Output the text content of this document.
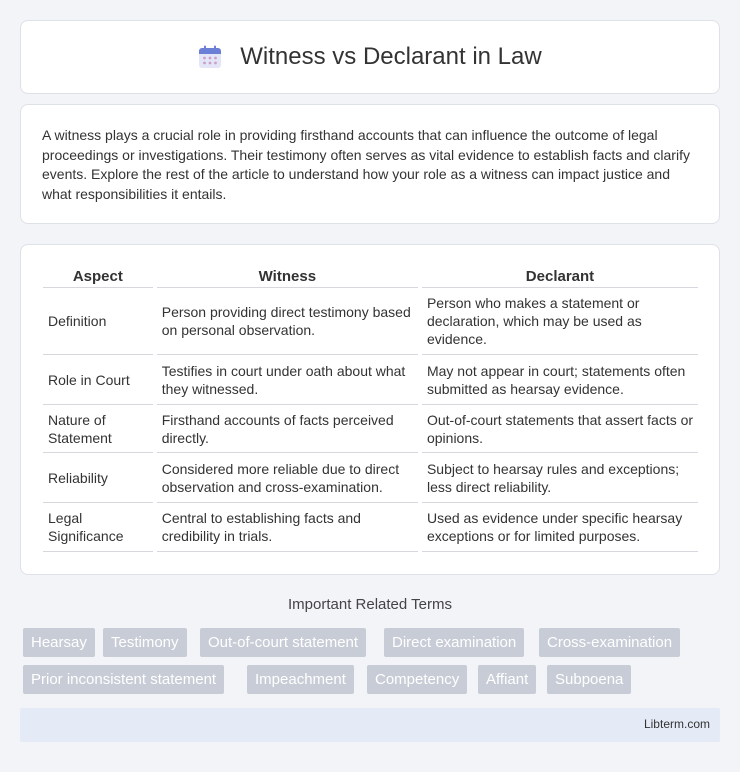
Witness vs Declarant in Law

A witness plays a crucial role in providing firsthand accounts that can influence the outcome of legal proceedings or investigations. Their testimony often serves as vital evidence to establish facts and clarify events. Explore the rest of the article to understand how your role as a witness can impact justice and what responsibilities it entails.

Aspect	Witness	Declarant
Definition	Person providing direct testimony based on personal observation.	Person who makes a statement or declaration, which may be used as evidence.
Role in Court	Testifies in court under oath about what they witnessed.	May not appear in court; statements often submitted as hearsay evidence.
Nature of Statement	Firsthand accounts of facts perceived directly.	Out-of-court statements that assert facts or opinions.
Reliability	Considered more reliable due to direct observation and cross-examination.	Subject to hearsay rules and exceptions; less direct reliability.
Legal Significance	Central to establishing facts and credibility in trials.	Used as evidence under specific hearsay exceptions or for limited purposes.
Important Related Terms
Hearsay	Testimony	Out-of-court statement	Direct examination	Cross-examination
Prior inconsistent statement	Impeachment	Competency	Affiant	Subpoena
Libterm.com
